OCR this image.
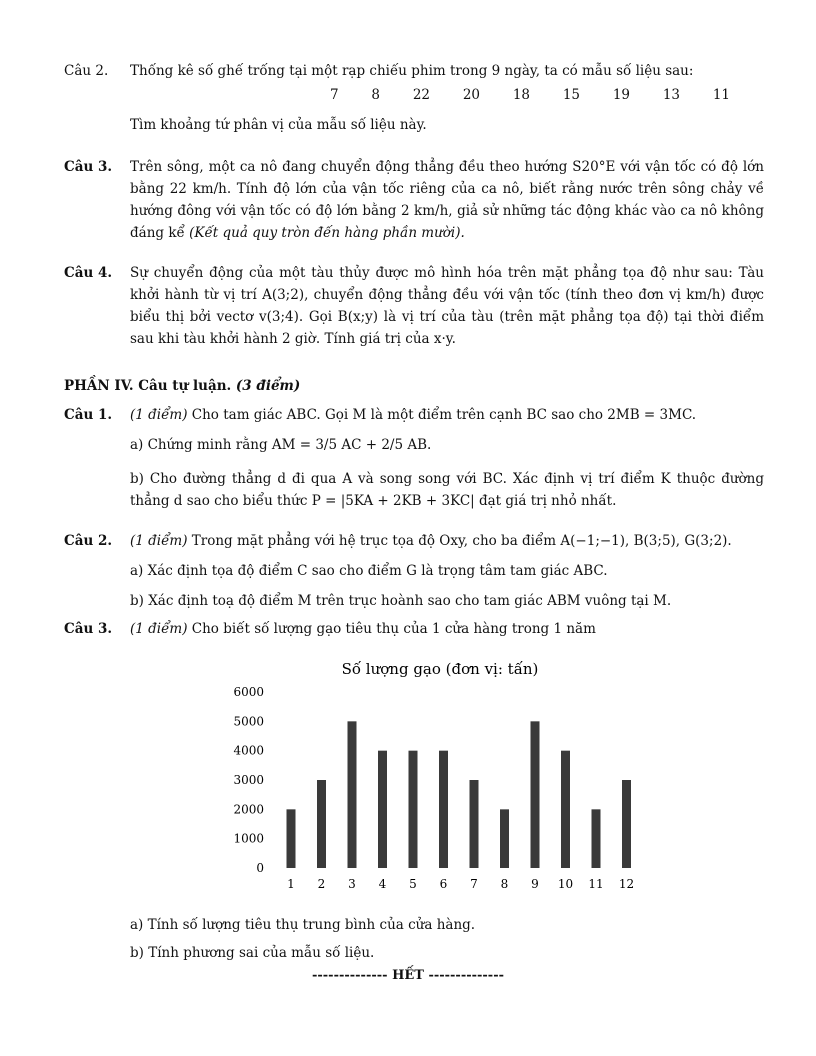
Câu 2.	Thống kê số ghế trống tại một rạp chiếu phim trong 9 ngày, ta có mẫu số liệu sau:

7 8 22 20 18 15 19 13 11

Tìm khoảng tứ phân vị của mẫu số liệu này.

Câu 3.	Trên sông, một ca nô đang chuyển động thẳng đều theo hướng S20°E với vận tốc có độ lớn bằng 22 km/h. Tính độ lớn của vận tốc riêng của ca nô, biết rằng nước trên sông chảy về hướng đông với vận tốc có độ lớn bằng 2 km/h, giả sử những tác động khác vào ca nô không đáng kể (Kết quả quy tròn đến hàng phần mười).

Câu 4.	Sự chuyển động của một tàu thủy được mô hình hóa trên mặt phẳng tọa độ như sau: Tàu khởi hành từ vị trí A(3;2), chuyển động thẳng đều với vận tốc (tính theo đơn vị km/h) được biểu thị bởi vectơ v(3;4). Gọi B(x;y) là vị trí của tàu (trên mặt phẳng tọa độ) tại thời điểm sau khi tàu khởi hành 2 giờ. Tính giá trị của x·y.

PHẦN IV. Câu tự luận. (3 điểm)
Câu 1.	(1 điểm) Cho tam giác ABC. Gọi M là một điểm trên cạnh BC sao cho 2MB = 3MC.

a) Chứng minh rằng AM = 3/5 AC + 2/5 AB.

b) Cho đường thẳng d đi qua A và song song với BC. Xác định vị trí điểm K thuộc đường thẳng d sao cho biểu thức P = |5KA + 2KB + 3KC| đạt giá trị nhỏ nhất.

Câu 2.	(1 điểm) Trong mặt phẳng với hệ trục tọa độ Oxy, cho ba điểm A(−1;−1), B(3;5), G(3;2).

a) Xác định tọa độ điểm C sao cho điểm G là trọng tâm tam giác ABC.

b) Xác định toạ độ điểm M trên trục hoành sao cho tam giác ABM vuông tại M.

Câu 3.	(1 điểm) Cho biết số lượng gạo tiêu thụ của 1 cửa hàng trong 1 năm

Số lượng gạo (đơn vị: tấn)
0
1000
2000
3000
4000
5000
6000
1 2 3 4 5 6 7 8 9 10 11 12

a) Tính số lượng tiêu thụ trung bình của cửa hàng.

b) Tính phương sai của mẫu số liệu.

-------------- HẾT --------------
